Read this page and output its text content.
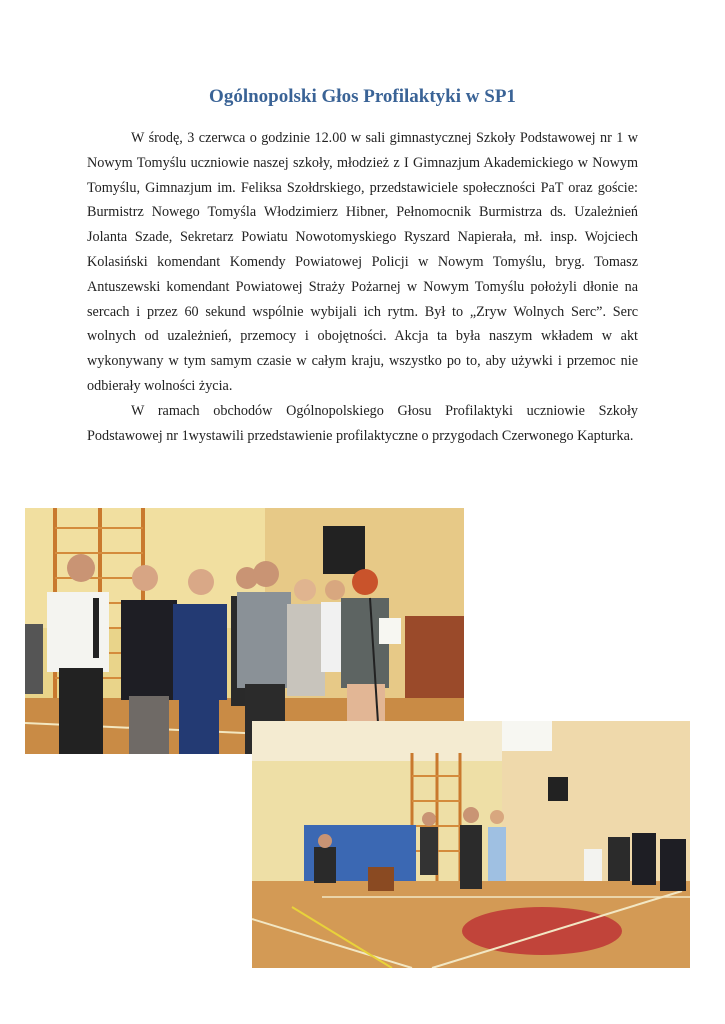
Ogólnopolski Głos Profilaktyki w SP1

W środę, 3 czerwca o godzinie 12.00 w sali gimnastycznej Szkoły Podstawowej nr 1 w Nowym Tomyślu uczniowie naszej szkoły, młodzież z I Gimnazjum Akademickiego w Nowym Tomyślu, Gimnazjum im. Feliksa Szołdrskiego, przedstawiciele społeczności PaT oraz goście: Burmistrz Nowego Tomyśla Włodzimierz Hibner, Pełnomocnik Burmistrza ds. Uzależnień Jolanta Szade, Sekretarz Powiatu Nowotomyskiego Ryszard Napierała, mł. insp. Wojciech Kolasiński komendant Komendy Powiatowej Policji w Nowym Tomyślu, bryg. Tomasz Antuszewski komendant Powiatowej Straży Pożarnej w Nowym Tomyślu położyli dłonie na sercach i przez 60 sekund wspólnie wybijali ich rytm. Był to „Zryw Wolnych Serc”. Serc wolnych od uzależnień, przemocy i obojętności. Akcja ta była naszym wkładem w akt wykonywany w tym samym czasie w całym kraju, wszystko po to, aby używki i przemoc nie odbierały wolności życia.

W ramach obchodów Ogólnopolskiego Głosu Profilaktyki uczniowie Szkoły Podstawowej nr 1wystawili przedstawienie profilaktyczne o przygodach Czerwonego Kapturka.
